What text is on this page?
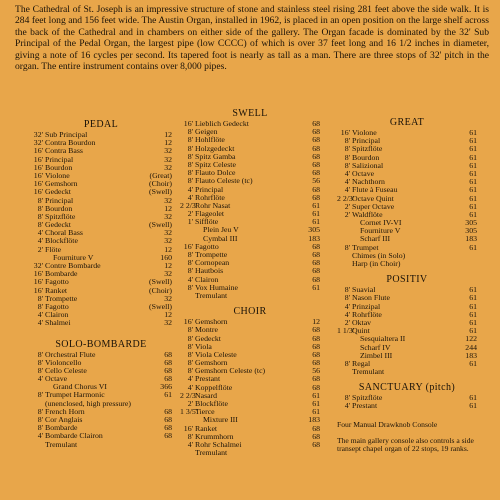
The Cathedral of St. Joseph is an impressive structure of stone and stainless steel rising 281 feet above the side walk. It is 284 feet long and 156 feet wide. The Austin Organ, installed in 1962, is placed in an open position on the large shelf across the back of the Cathedral and in chambers on either side of the gallery. The Organ facade is dominated by the 32' Sub Principal of the Pedal Organ, the largest pipe (low CCCC) of which is over 37 feet long and 16 1/2 inches in diameter, giving a note of 16 cycles per second. Its tapered foot is nearly as tall as a man. There are three stops of 32' pitch in the organ. The entire instrument contains over 8,000 pipes.

PEDAL
32' Sub Principal	12
32' Contra Bourdon	12
16' Contra Bass	32
16' Principal	32
16' Bourdon	32
16' Violone	(Great)
16' Gemshorn	(Choir)
16' Gedeckt	(Swell)
8' Principal	32
8' Bourdon	12
8' Spitzflöte	32
8' Gedeckt	(Swell)
4' Choral Bass	32
4' Blockflöte	32
2' Flöte	12
Fourniture V	160
32' Contre Bombarde	12
16' Bombarde	32
16' Fagotto	(Swell)
16' Ranket	(Choir)
8' Trompette	32
8' Fagotto	(Swell)
4' Clairon	12
4' Shalmei	32
SOLO-BOMBARDE
8' Orchestral Flute	68
8' Violoncello	68
8' Cello Celeste	68
4' Octave	68
Grand Chorus VI	366
8' Trumpet Harmonic	61
(unenclosed, high pressure)
8' French Horn	68
8' Cor Anglais	68
8' Bombarde	68
4' Bombarde Clairon	68
Tremulant
SWELL
16' Lieblich Gedeckt	68
8' Geigen	68
8' Hohlflöte	68
8' Holzgedeckt	68
8' Spitz Gamba	68
8' Spitz Celeste	68
8' Flauto Dolce	68
8' Flauto Celeste (tc)	56
4' Principal	68
4' Rohrflöte	68
2 2/3'
Rohr Nasat	61
2' Flageolet	61
1' Sifflöte	61
Plein Jeu V	305
Cymbal III	183
16' Fagotto	68
8' Trompette	68
8' Cornopean	68
8' Hautbois	68
4' Clairon	68
8' Vox Humaine	61
Tremulant
CHOIR
16' Gemshorn	12
8' Montre	68
8' Gedeckt	68
8' Viola	68
8' Viola Celeste	68
8' Gemshorn	68
8' Gemshorn Celeste (tc)	56
4' Prestant	68
4' Koppelflöte	68
2 2/3'
Nasard	61
2' Blockflöte	61
1 3/5'
Tierce	61
Mixture III	183
16' Ranket	68
8' Krummhorn	68
4' Rohr Schalmei	68
Tremulant
GREAT
16' Violone	61
8' Principal	61
8' Spitzflöte	61
8' Bourdon	61
8' Salizional	61
4' Octave	61
4' Nachthorn	61
4' Flute à Fuseau	61
2 2/3'
Octave Quint	61
2' Super Octave	61
2' Waldflöte	61
Cornet IV-VI	305
Fourniture V	305
Scharf III	183
8' Trumpet	61
Chimes (in Solo)
Harp (in Choir)
POSITIV
8' Suavial	61
8' Nason Flute	61
4' Prinzipal	61
4' Rohrflöte	61
2' Oktav	61
1 1/3'
Quint	61
Sesquialtera II	122
Scharf IV	244
Zimbel III	183
8' Regal	61
Tremulant
SANCTUARY (pitch)
8' Spitzflöte	61
4' Prestant	61
Four Manual Drawknob Console
The main gallery console also controls a side transept chapel organ of 22 stops, 19 ranks.
